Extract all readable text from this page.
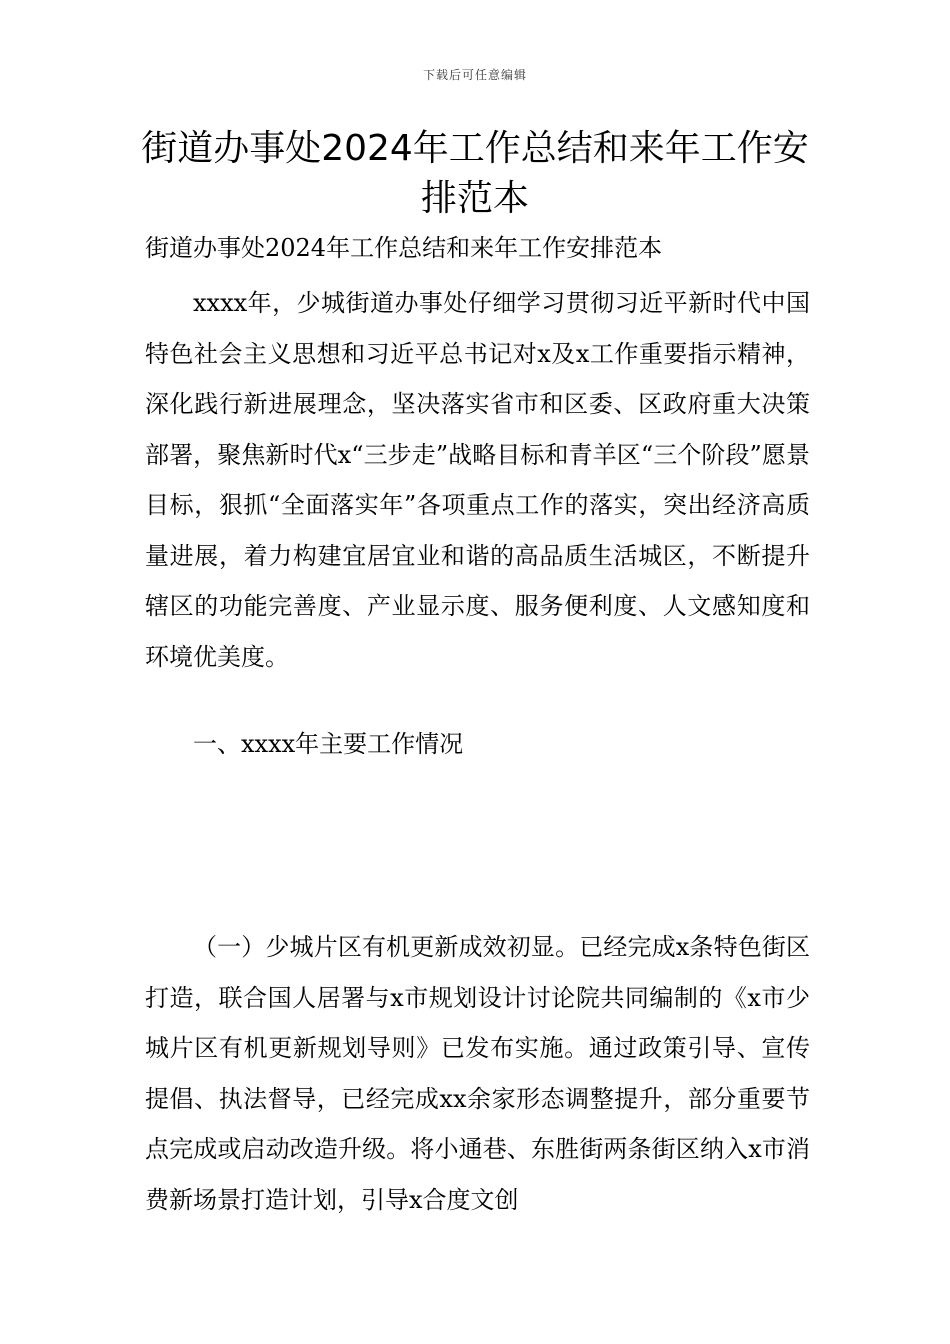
下载后可任意编辑
街道办事处2024年工作总结和来年工作安排范本

街道办事处2024年工作总结和来年工作安排范本

xxxx年，少城街道办事处仔细学习贯彻习近平新时代中国特色社会主义思想和习近平总书记对x及x工作重要指示精神，深化践行新进展理念，坚决落实省市和区委、区政府重大决策部署，聚焦新时代x“三步走”战略目标和青羊区“三个阶段”愿景目标，狠抓“全面落实年”各项重点工作的落实，突出经济高质量进展，着力构建宜居宜业和谐的高品质生活城区，不断提升辖区的功能完善度、产业显示度、服务便利度、人文感知度和环境优美度。

一、xxxx年主要工作情况

（一）少城片区有机更新成效初显。已经完成x条特色街区打造，联合国人居署与x市规划设计讨论院共同编制的《x市少城片区有机更新规划导则》已发布实施。通过政策引导、宣传提倡、执法督导，已经完成xx余家形态调整提升，部分重要节点完成或启动改造升级。将小通巷、东胜街两条街区纳入x市消费新场景打造计划，引导x合度文创
